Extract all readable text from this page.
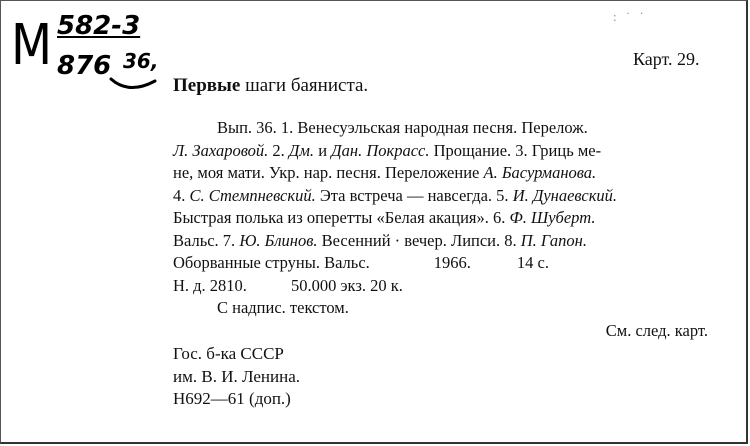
М 582-3
876 36,
: ˙ ˙
Карт. 29.
Первые шаги баяниста.
Вып. 36. 1. Венесуэльская народная песня. Перелож.
Л. Захаровой. 2. Дм. и Дан. Покрасс. Прощание. 3. Гриць ме-
не, моя мати. Укр. нар. песня. Переложение А. Басурманова.
4. С. Стемпневский. Эта встреча — навсегда. 5. И. Дунаевский.
Быстрая полька из оперетты «Белая акация». 6. Ф. Шуберт.
Вальс. 7. Ю. Блинов. Весенний · вечер. Липси. 8. П. Гапон.
Оборванные струны. Вальс.	1966.	14 с.
Н. д. 2810.	50.000 экз. 20 к.
С надпис. текстом.
См. след. карт.
Гос. б-ка СССР
им. В. И. Ленина.
Н692—61 (доп.)
